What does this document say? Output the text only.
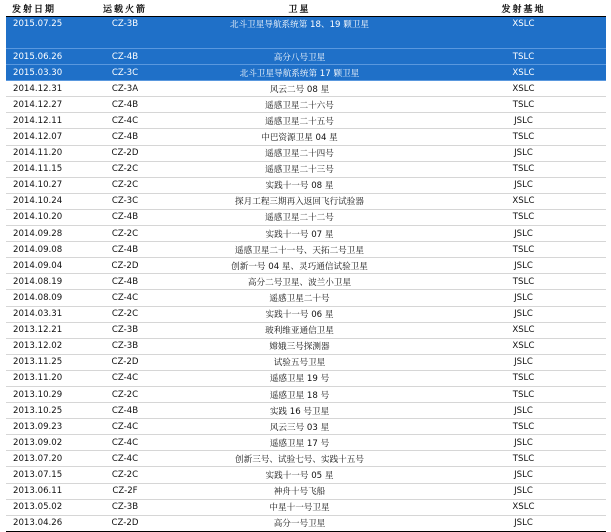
发射日期	运载火箭	卫星	发射基地
2015.07.25	CZ-3B	北斗卫星导航系统第 18、19 颗卫星	XSLC
2015.06.26	CZ-4B	高分八号卫星	TSLC
2015.03.30	CZ-3C	北斗卫星导航系统第 17 颗卫星	XSLC
2014.12.31	CZ-3A	风云二号 08 星	XSLC
2014.12.27	CZ-4B	遥感卫星二十六号	TSLC
2014.12.11	CZ-4C	遥感卫星二十五号	JSLC
2014.12.07	CZ-4B	中巴资源卫星 04 星	TSLC
2014.11.20	CZ-2D	遥感卫星二十四号	JSLC
2014.11.15	CZ-2C	遥感卫星二十三号	TSLC
2014.10.27	CZ-2C	实践十一号 08 星	JSLC
2014.10.24	CZ-3C	探月工程三期再入返回飞行试验器	XSLC
2014.10.20	CZ-4B	遥感卫星二十二号	TSLC
2014.09.28	CZ-2C	实践十一号 07 星	JSLC
2014.09.08	CZ-4B	遥感卫星二十一号、天拓二号卫星	TSLC
2014.09.04	CZ-2D	创新一号 04 星、灵巧通信试验卫星	JSLC
2014.08.19	CZ-4B	高分二号卫星、波兰小卫星	TSLC
2014.08.09	CZ-4C	遥感卫星二十号	JSLC
2014.03.31	CZ-2C	实践十一号 06 星	JSLC
2013.12.21	CZ-3B	玻利维亚通信卫星	XSLC
2013.12.02	CZ-3B	嫦娥三号探测器	XSLC
2013.11.25	CZ-2D	试验五号卫星	JSLC
2013.11.20	CZ-4C	遥感卫星 19 号	TSLC
2013.10.29	CZ-2C	遥感卫星 18 号	TSLC
2013.10.25	CZ-4B	实践 16 号卫星	JSLC
2013.09.23	CZ-4C	风云三号 03 星	TSLC
2013.09.02	CZ-4C	遥感卫星 17 号	JSLC
2013.07.20	CZ-4C	创新三号、试验七号、实践十五号	TSLC
2013.07.15	CZ-2C	实践十一号 05 星	JSLC
2013.06.11	CZ-2F	神舟十号飞船	JSLC
2013.05.02	CZ-3B	中星十一号卫星	XSLC
2013.04.26	CZ-2D	高分一号卫星	JSLC
